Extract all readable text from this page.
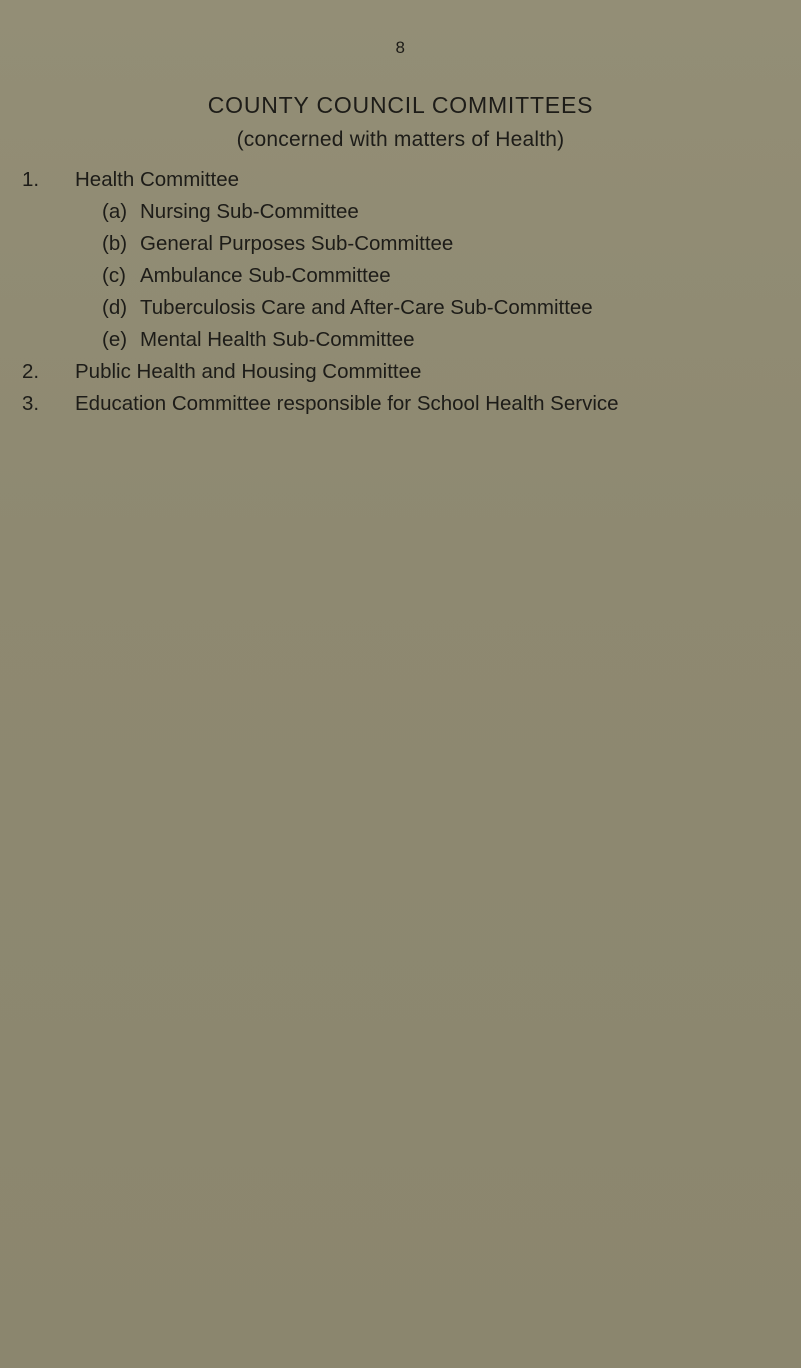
8
COUNTY COUNCIL COMMITTEES
(concerned with matters of Health)
1. Health Committee
(a) Nursing Sub-Committee
(b) General Purposes Sub-Committee
(c) Ambulance Sub-Committee
(d) Tuberculosis Care and After-Care Sub-Committee
(e) Mental Health Sub-Committee
2. Public Health and Housing Committee
3. Education Committee responsible for School Health Service
